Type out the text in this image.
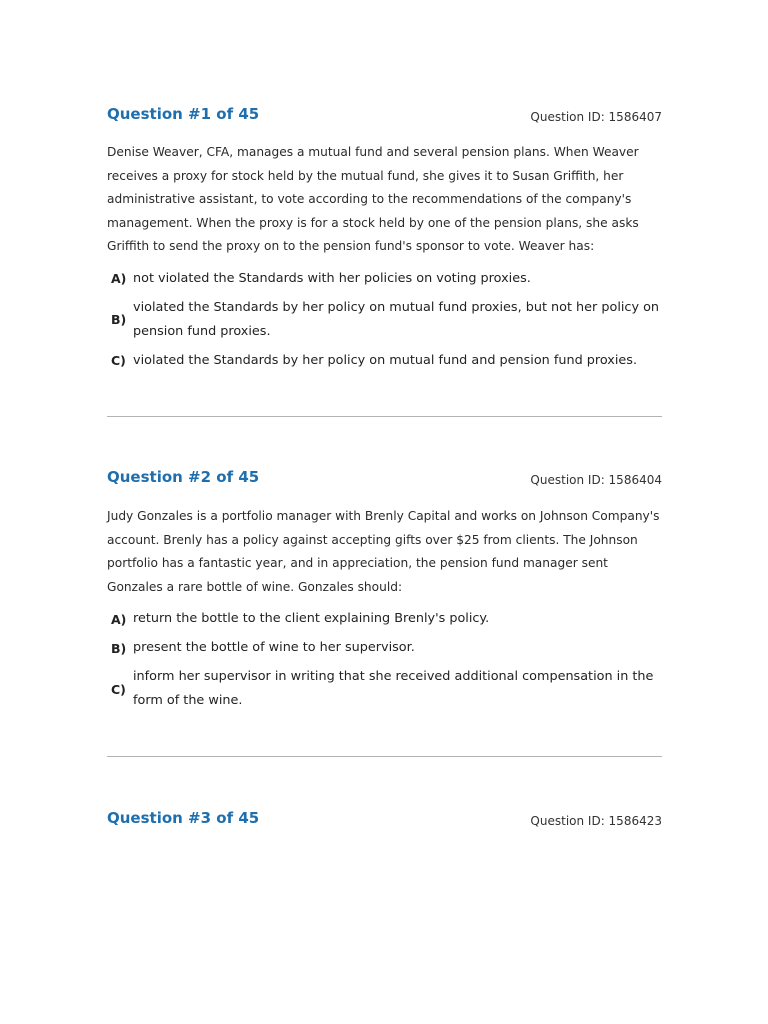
Question #1 of 45	Question ID: 1586407

Denise Weaver, CFA, manages a mutual fund and several pension plans. When Weaver receives a proxy for stock held by the mutual fund, she gives it to Susan Griffith, her administrative assistant, to vote according to the recommendations of the company's management. When the proxy is for a stock held by one of the pension plans, she asks Griffith to send the proxy on to the pension fund's sponsor to vote. Weaver has:

A) not violated the Standards with her policies on voting proxies.
B)
violated the Standards by her policy on mutual fund proxies, but not her policy on pension fund proxies.
C) violated the Standards by her policy on mutual fund and pension fund proxies.
Question #2 of 45	Question ID: 1586404

Judy Gonzales is a portfolio manager with Brenly Capital and works on Johnson Company's account. Brenly has a policy against accepting gifts over $25 from clients. The Johnson portfolio has a fantastic year, and in appreciation, the pension fund manager sent Gonzales a rare bottle of wine. Gonzales should:

A) return the bottle to the client explaining Brenly's policy.
B) present the bottle of wine to her supervisor.
C)
inform her supervisor in writing that she received additional compensation in the form of the wine.
Question #3 of 45	Question ID: 1586423
